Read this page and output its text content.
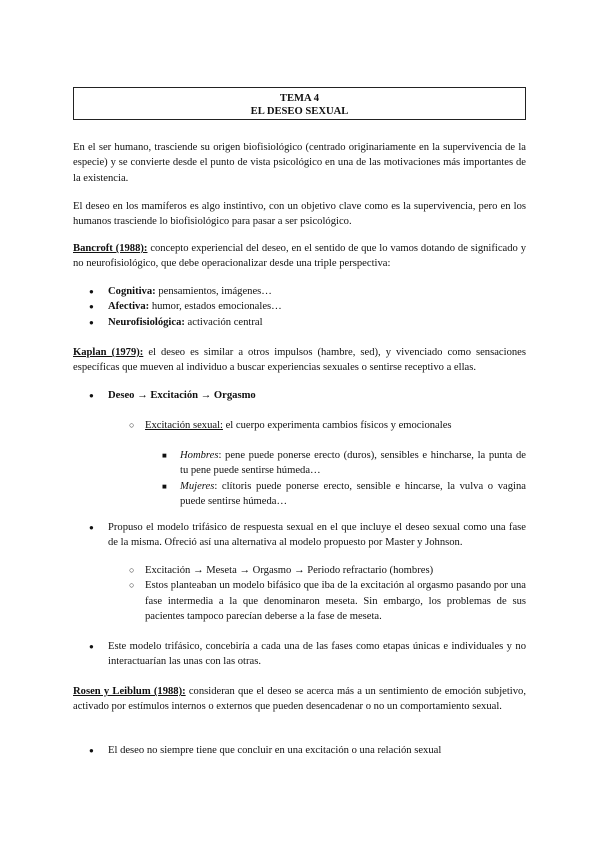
TEMA 4
EL DESEO SEXUAL

En el ser humano, trasciende su origen biofisiológico (centrado originariamente en la supervivencia de la especie) y se convierte desde el punto de vista psicológico en una de las motivaciones más importantes de la existencia.

El deseo en los mamíferos es algo instintivo, con un objetivo clave como es la supervivencia, pero en los humanos trasciende lo biofisiológico para pasar a ser psicológico.

Bancroft (1988): concepto experiencial del deseo, en el sentido de que lo vamos dotando de significado y no neurofisiológico, que debe operacionalizar desde una triple perspectiva:

● Cognitiva: pensamientos, imágenes…
● Afectiva: humor, estados emocionales…
● Neurofisiológica: activación central

Kaplan (1979): el deseo es similar a otros impulsos (hambre, sed), y vivenciado como sensaciones específicas que mueven al individuo a buscar experiencias sexuales o sentirse receptivo a ellas.

● Deseo → Excitación → Orgasmo
○ Excitación sexual: el cuerpo experimenta cambios físicos y emocionales
■ Hombres: pene puede ponerse erecto (duros), sensibles e hincharse, la punta de tu pene puede sentirse húmeda…
■ Mujeres: clítoris puede ponerse erecto, sensible e hincarse, la vulva o vagina puede sentirse húmeda…
● Propuso el modelo trifásico de respuesta sexual en el que incluye el deseo sexual como una fase de la misma. Ofreció así una alternativa al modelo propuesto por Master y Johnson.
○ Excitación → Meseta → Orgasmo → Periodo refractario (hombres)
○ Estos planteaban un modelo bifásico que iba de la excitación al orgasmo pasando por una fase intermedia a la que denominaron meseta. Sin embargo, los problemas de sus pacientes tampoco parecían deberse a la fase de meseta.
● Este modelo trifásico, concebiría a cada una de las fases como etapas únicas e individuales y no interactuarían las unas con las otras.

Rosen y Leiblum (1988): consideran que el deseo se acerca más a un sentimiento de emoción subjetivo, activado por estímulos internos o externos que pueden desencadenar o no un comportamiento sexual.

● El deseo no siempre tiene que concluir en una excitación o una relación sexual
